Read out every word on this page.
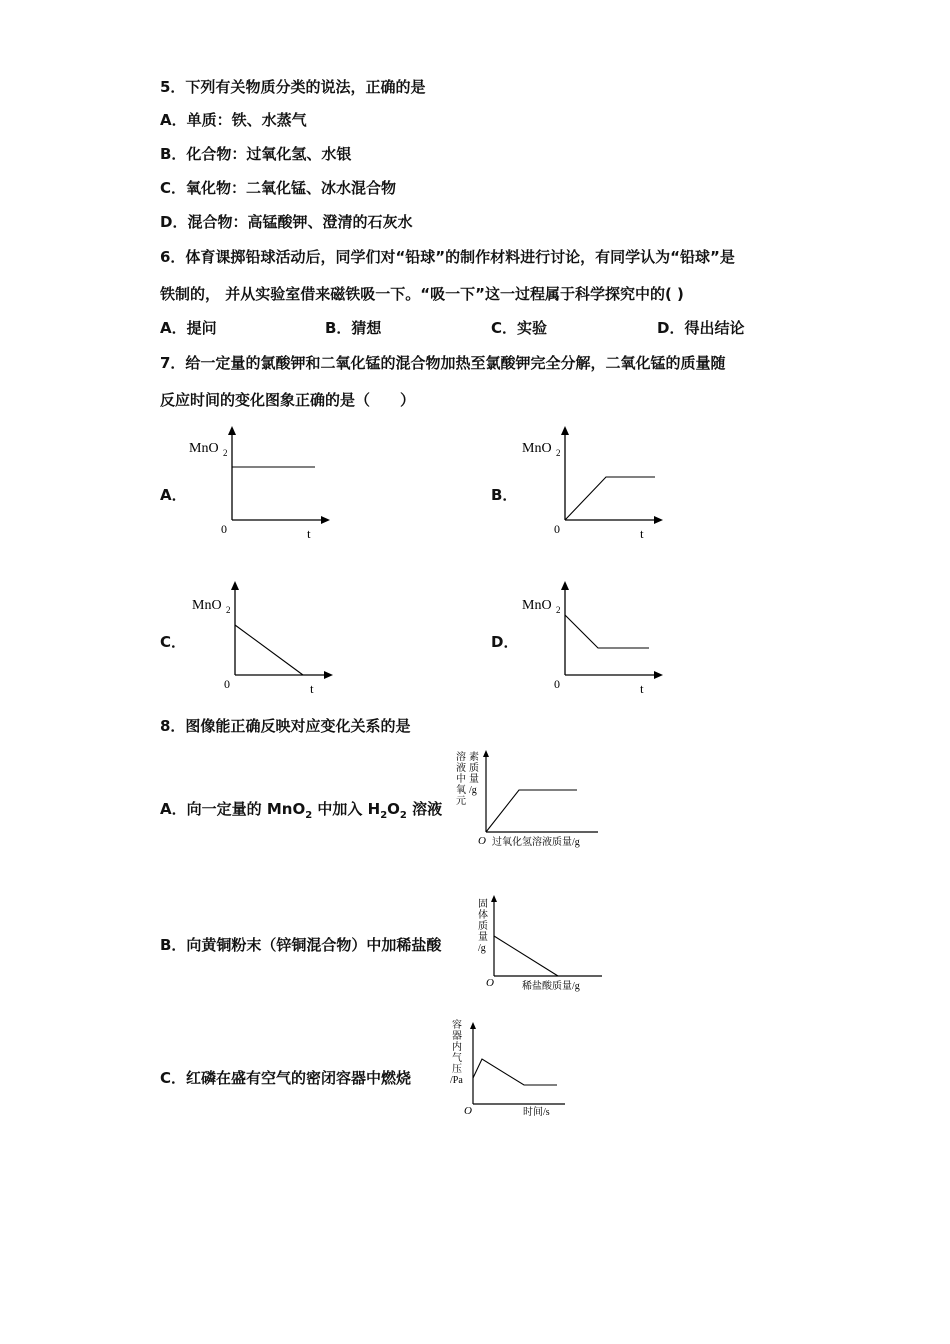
5．下列有关物质分类的说法，正确的是
A．单质：铁、水蒸气
B．化合物：过氧化氢、水银
C．氧化物：二氧化锰、冰水混合物
D．混合物：高锰酸钾、澄清的石灰水
6．体育课掷铅球活动后，同学们对“铅球”的制作材料进行讨论，有同学认为“铅球”是
铁制的， 并从实验室借来磁铁吸一下。“吸一下”这一过程属于科学探究中的( )
A．提问	B．猜想	C．实验	D．得出结论
7．给一定量的氯酸钾和二氧化锰的混合物加热至氯酸钾完全分解，二氧化锰的质量随
反应时间的变化图象正确的是（　　）
A．	B．
C．	D．
MnO 2
0	t
MnO 2
0	t
MnO 2
0	t
MnO 2
0	t
8．图像能正确反映对应变化关系的是
A．向一定量的 MnO$_2$ 中加入 $H_2O_2$ 溶液
溶
液
中
氧
元
素
质
量
/g
O 过氧化氢溶液质量/g
B．向黄铜粉末（锌铜混合物）中加稀盐酸
固
体
质
量
/g
O	稀盐酸质量/g
C．红磷在盛有空气的密闭容器中燃烧
容
器
内
气
压
/Pa
O	时间/s
